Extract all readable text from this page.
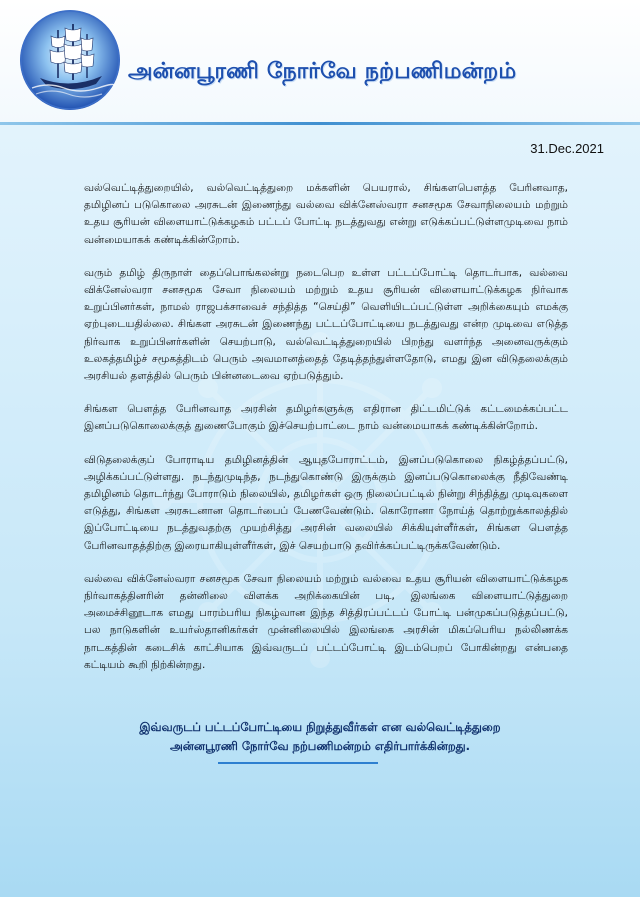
அன்னபூரணி நோர்வே நற்பணிமன்றம்
31.Dec.2021

வல்வெட்டித்துறையில், வல்வெட்டித்துறை மக்களின் பெயரால், சிங்களபௌத்த பேரினவாத, தமிழினப் படுகொலை அரசுடன் இணைந்து வல்வை விக்னேஸ்வரா சனசமூக சேவாநிலையம் மற்றும் உதய சூரியன் விளையாட்டுக்கழகம் பட்டப் போட்டி நடத்துவது என்று எடுக்கப்பட்டுள்ளமுடிவை நாம் வன்மையாகக் கண்டிக்கின்றோம்.

வரும் தமிழ் திருநாள் தைப்பொங்கலன்று நடைபெற உள்ள பட்டப்போட்டி தொடர்பாக, வல்வை விக்னேஸ்வரா சனசமூக சேவா நிலையம் மற்றும் உதய சூரியன் விளையாட்டுக்கழக நிர்வாக உறுப்பினர்கள், நாமல் ராஜபக்சாவைச் சந்தித்த “செய்தி” வெளியிடப்பட்டுள்ள அறிக்கையும் எமக்கு ஏற்புடையதில்லை. சிங்கள அரசுடன் இணைந்து பட்டப்போட்டியை நடத்துவது என்ற முடிவை எடுத்த நிர்வாக உறுப்பினர்களின் செயற்பாடு, வல்வெட்டித்துறையில் பிறந்து வளர்ந்த அனைவருக்கும் உலகத்தமிழ்ச் சமூகத்திடம் பெரும் அவமானத்தைத் தேடித்தந்துள்ளதோடு, எமது இன விடுதலைக்கும் அரசியல் தளத்தில் பெரும் பின்னடைவை ஏற்படுத்தும்.

சிங்கள பௌத்த பேரினவாத அரசின் தமிழர்களுக்கு எதிரான திட்டமிட்டுக் கட்டமைக்கப்பட்ட இனப்படுகொலைக்குத் துணைபோகும் இச்செயற்பாட்டை நாம் வன்மையாகக் கண்டிக்கின்றோம்.

விடுதலைக்குப் போராடிய தமிழினத்தின் ஆயுதபோராட்டம், இனப்படுகொலை நிகழ்த்தப்பட்டு, அழிக்கப்பட்டுள்ளது. நடந்துமுடிந்த, நடந்துகொண்டு இருக்கும் இனப்படுகொலைக்கு நீதிவேண்டி தமிழினம் தொடர்ந்து போராடும் நிலையில், தமிழர்கள் ஒரு நிலைப்பட்டில் நின்று சிந்தித்து முடிவுகளை எடுத்து, சிங்கள அரசுடனான தொடர்பைப் பேணவேண்டும். கொரோனா நோய்த் தொற்றுக்காலத்தில் இப்போட்டியை நடத்துவதற்கு முயற்சித்து அரசின் வலையில் சிக்கியுள்ளீர்கள், சிங்கள பௌத்த பேரினவாதத்திற்கு இரையாகியுள்ளீர்கள், இச் செயற்பாடு தவிர்க்கப்பட்டிருக்கவேண்டும்.

வல்வை விக்னேஸ்வரா சனசமூக சேவா நிலையம் மற்றும் வல்வை உதய சூரியன் விளையாட்டுக்கழக நிர்வாகத்தினரின் தன்னிலை விளக்க அறிக்கையின் படி, இலங்கை விளையாட்டுத்துறை அமைச்சினூடாக எமது பாரம்பரிய நிகழ்வான இந்த சித்திரப்பட்டப் போட்டி பன்முகப்படுத்தப்பட்டு, பல நாடுகளின் உயர்ஸ்தானிகர்கள் முன்னிலையில் இலங்கை அரசின் மிகப்பெரிய நல்லிணக்க நாடகத்தின் கடைசிக் காட்சியாக இவ்வருடப் பட்டப்போட்டி இடம்பெறப் போகின்றது என்பதை கட்டியம் கூறி நிற்கின்றது.

இவ்வருடப் பட்டப்போட்டியை நிறுத்துவீர்கள் என வல்வெட்டித்துறை
அன்னபூரணி நோர்வே நற்பணிமன்றம் எதிர்பார்க்கின்றது.
